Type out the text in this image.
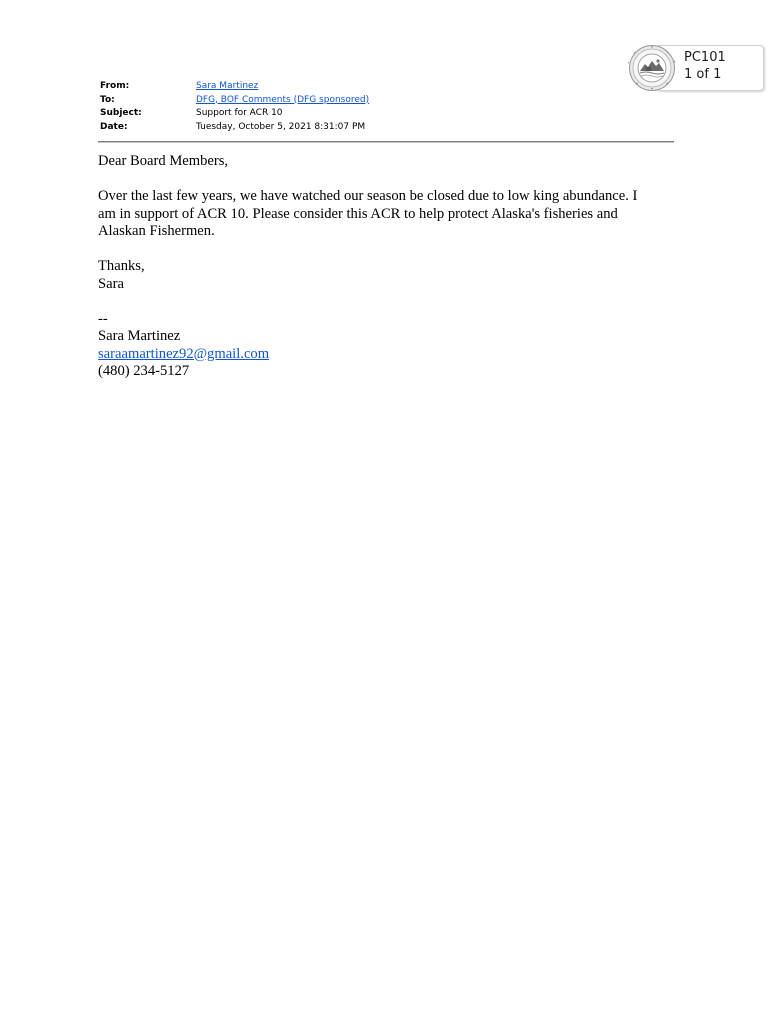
PC101
1 of 1
From:	Sara Martinez
To:	DFG, BOF Comments (DFG sponsored)
Subject:	Support for ACR 10
Date:	Tuesday, October 5, 2021 8:31:07 PM

Dear Board Members,

Over the last few years, we have watched our season be closed due to low king abundance. I

am in support of ACR 10. Please consider this ACR to help protect Alaska's fisheries and

Alaskan Fishermen.

Thanks,

Sara

--

Sara Martinez

saraamartinez92@gmail.com

(480) 234-5127
